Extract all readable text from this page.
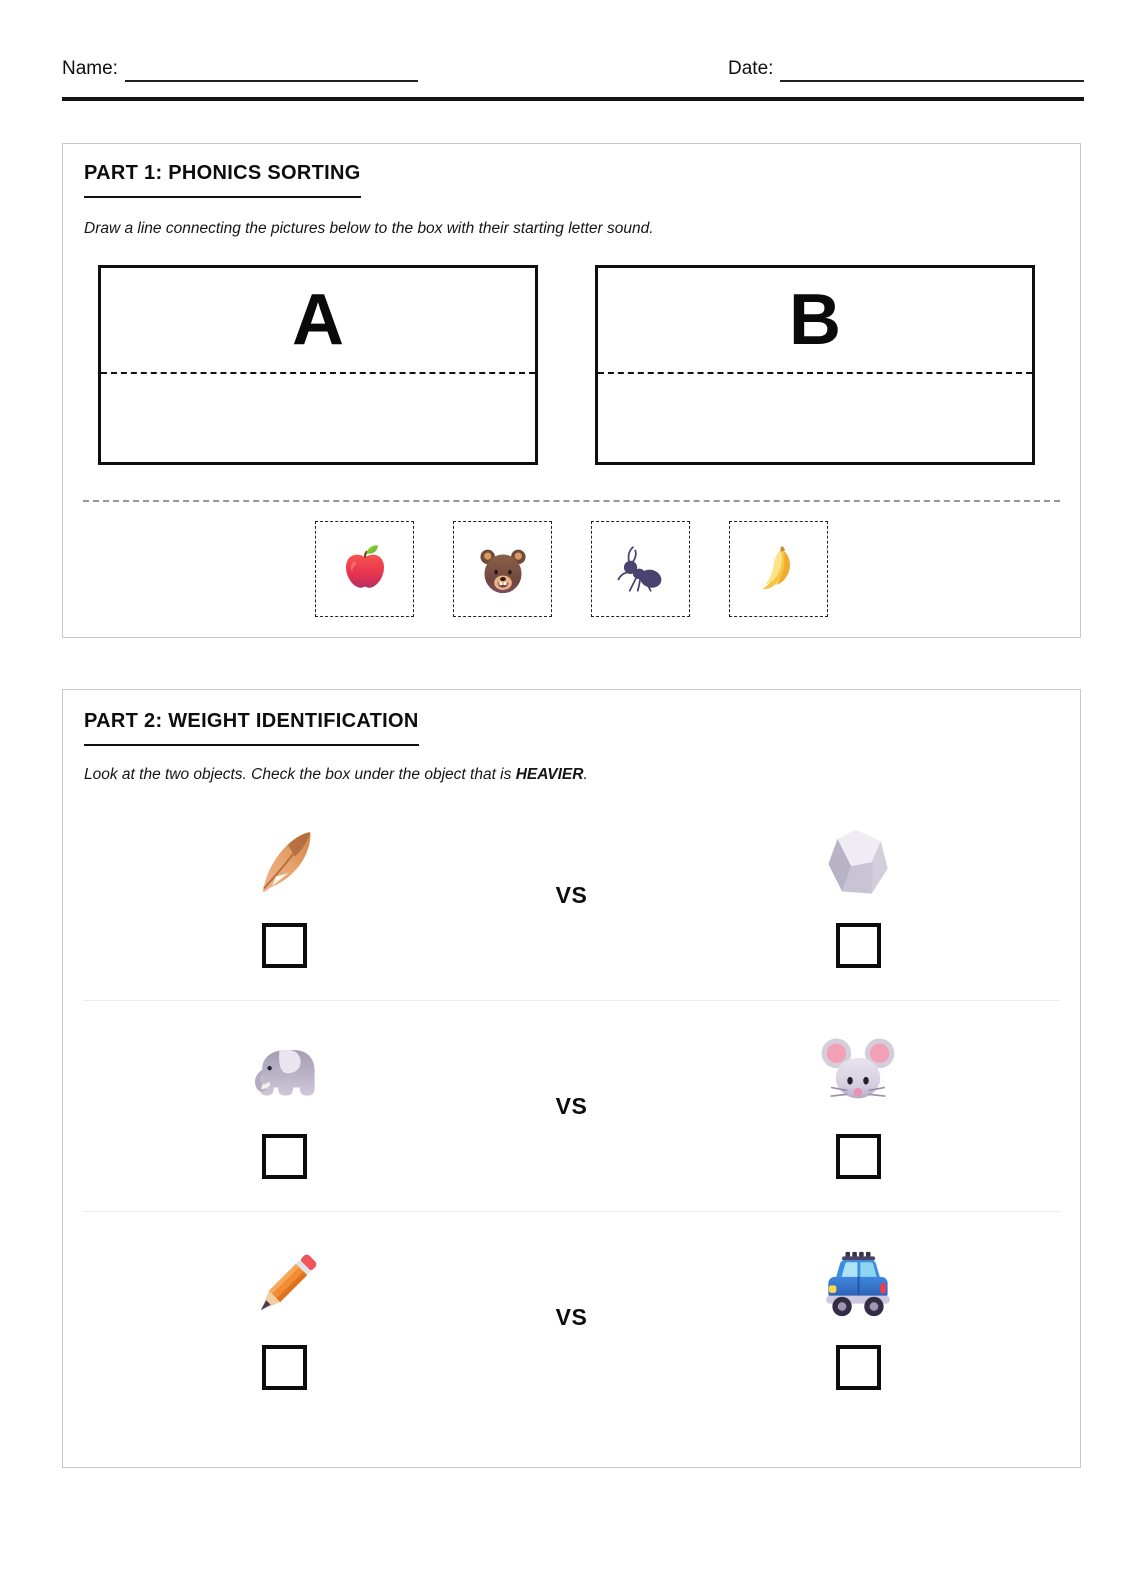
Name:	Date:
PART 1: PHONICS SORTING
Draw a line connecting the pictures below to the box with their starting letter sound.
A	B
PART 2: WEIGHT IDENTIFICATION
Look at the two objects. Check the box under the object that is HEAVIER.
VS
VS
VS
